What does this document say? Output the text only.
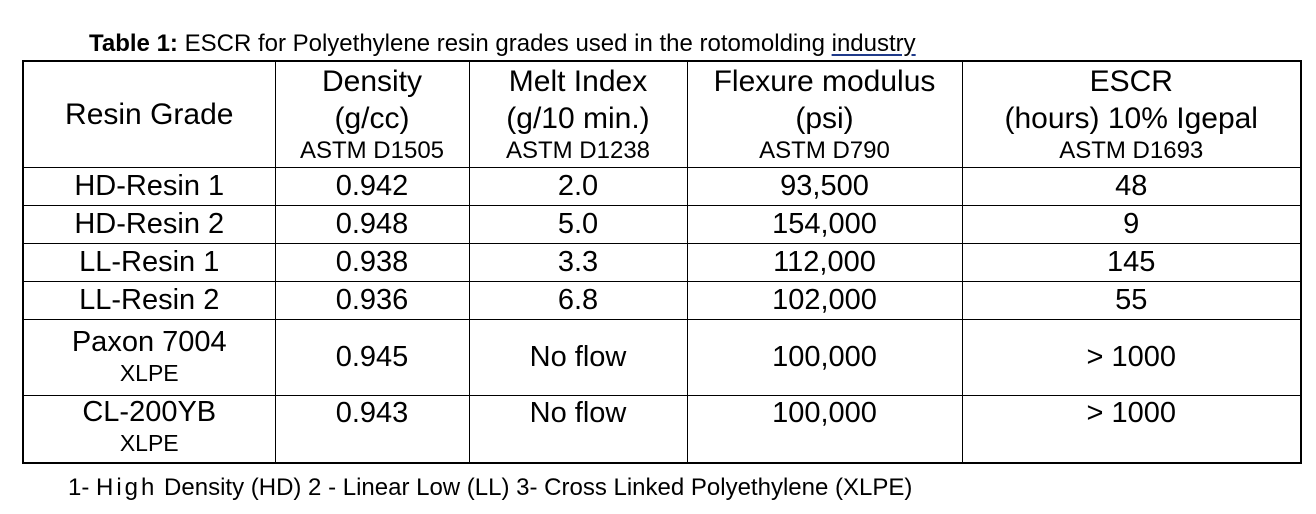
Table 1: ESCR for Polyethylene resin grades used in the rotomolding industry
Resin Grade	Density
(g/cc)
ASTM D1505	Melt Index
(g/10 min.)
ASTM D1238	Flexure modulus
(psi)
ASTM D790	ESCR
(hours) 10% Igepal
ASTM D1693

HD-Resin 1	0.942	2.0	93,500	48
HD-Resin 2	0.948	5.0	154,000	9
LL-Resin 1	0.938	3.3	112,000	145
LL-Resin 2	0.936	6.8	102,000	55

Paxon 7004
XLPE	0.945	No flow	100,000	> 1000

CL-200YB
XLPE	0.943	No flow	100,000	> 1000
1- High Density (HD) 2 - Linear Low (LL) 3- Cross Linked Polyethylene (XLPE)
